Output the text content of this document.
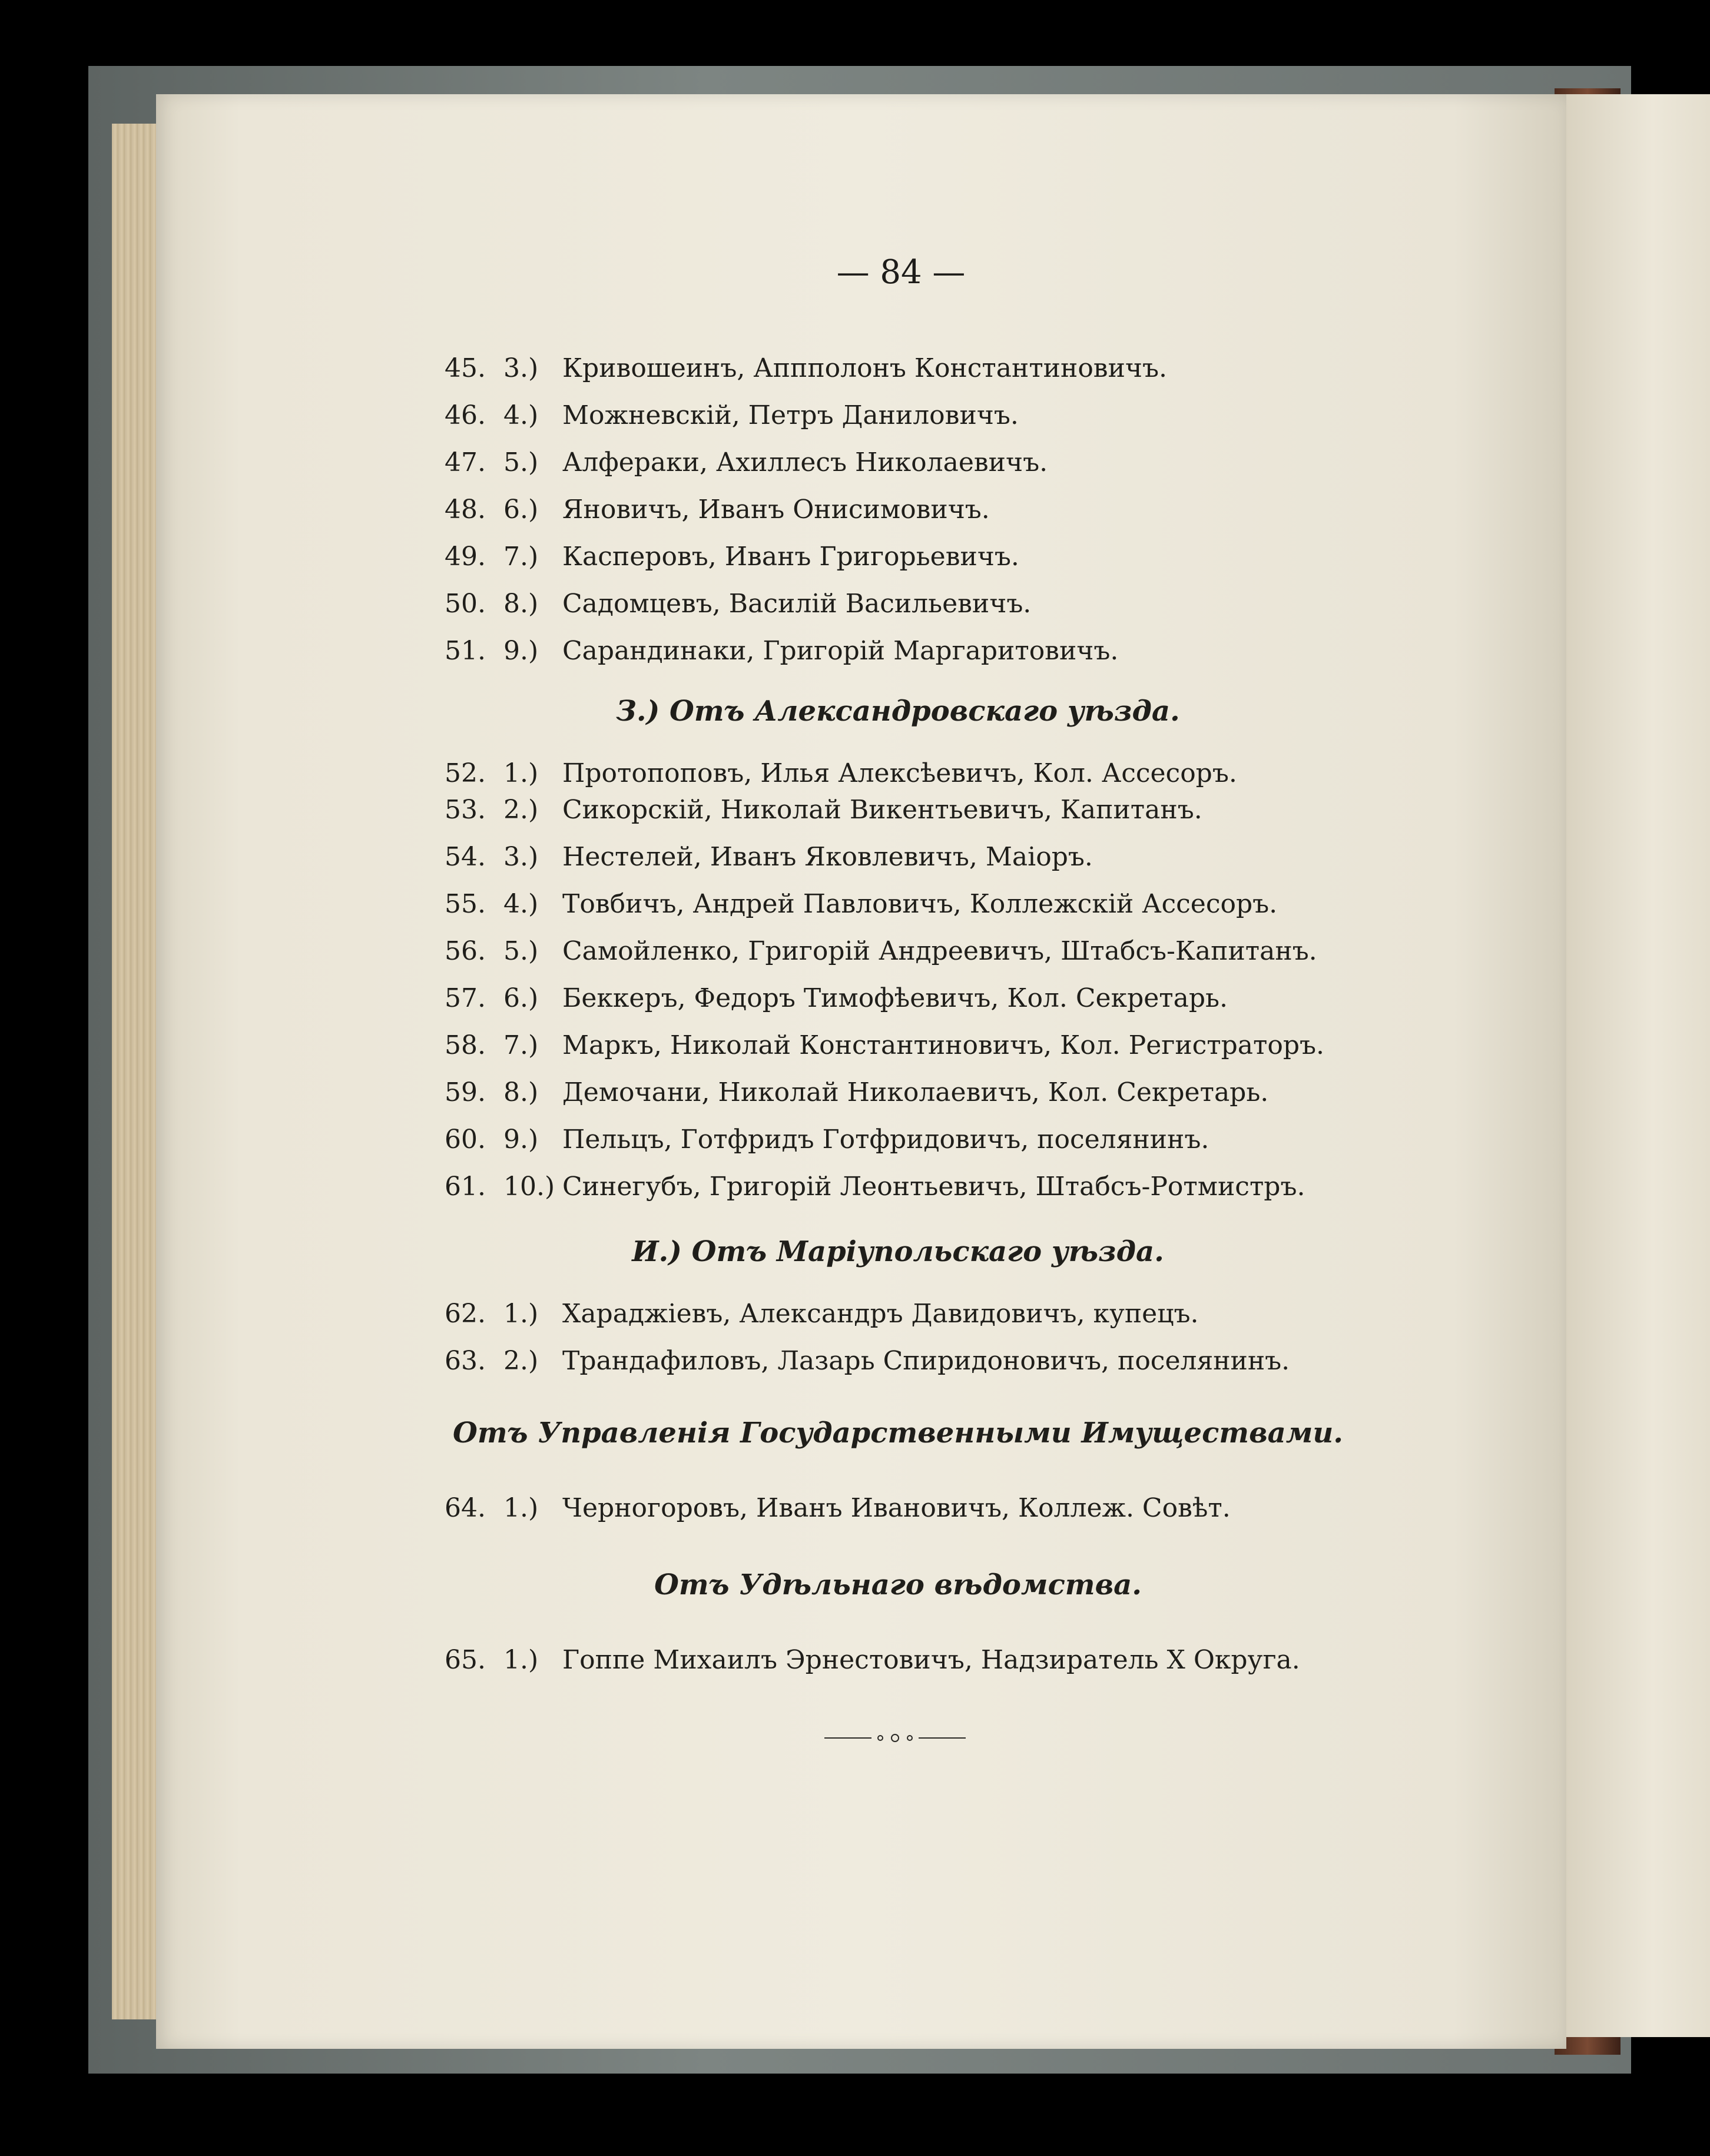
— 84 —
45. 3.) Кривошеинъ, Аппполонъ Константиновичъ.
46. 4.) Можневскій, Петръ Даниловичъ.
47. 5.) Алфераки, Ахиллесъ Николаевичъ.
48. 6.) Яновичъ, Иванъ Онисимовичъ.
49. 7.) Касперовъ, Иванъ Григорьевичъ.
50. 8.) Садомцевъ, Василій Васильевичъ.
51. 9.) Сарандинаки, Григорій Маргаритовичъ.
З.) Отъ Александровскаго уѣзда.
52. 1.) Протопоповъ, Илья Алексѣевичъ, Кол. Ассесоръ.
53. 2.) Сикорскій, Николай Викентьевичъ, Капитанъ.
54. 3.) Нестелей, Иванъ Яковлевичъ, Маіоръ.
55. 4.) Товбичъ, Андрей Павловичъ, Коллежскій Ассесоръ.
56. 5.) Самойленко, Григорій Андреевичъ, Штабсъ-Капитанъ.
57. 6.) Беккеръ, Федоръ Тимофѣевичъ, Кол. Секретарь.
58. 7.) Маркъ, Николай Константиновичъ, Кол. Регистраторъ.
59. 8.) Демочани, Николай Николаевичъ, Кол. Секретарь.
60. 9.) Пельцъ, Готфридъ Готфридовичъ, поселянинъ.
61. 10.) Синегубъ, Григорій Леонтьевичъ, Штабсъ-Ротмистръ.
И.) Отъ Маріупольскаго уѣзда.
62. 1.) Хараджіевъ, Александръ Давидовичъ, купецъ.
63. 2.) Трандафиловъ, Лазарь Спиридоновичъ, поселянинъ.
Отъ Управленія Государственными Имуществами.
64. 1.) Черногоровъ, Иванъ Ивановичъ, Коллеж. Совѣт.
Отъ Удѣльнаго вѣдомства.
65. 1.) Гоппе Михаилъ Эрнестовичъ, Надзиратель X Округа.
